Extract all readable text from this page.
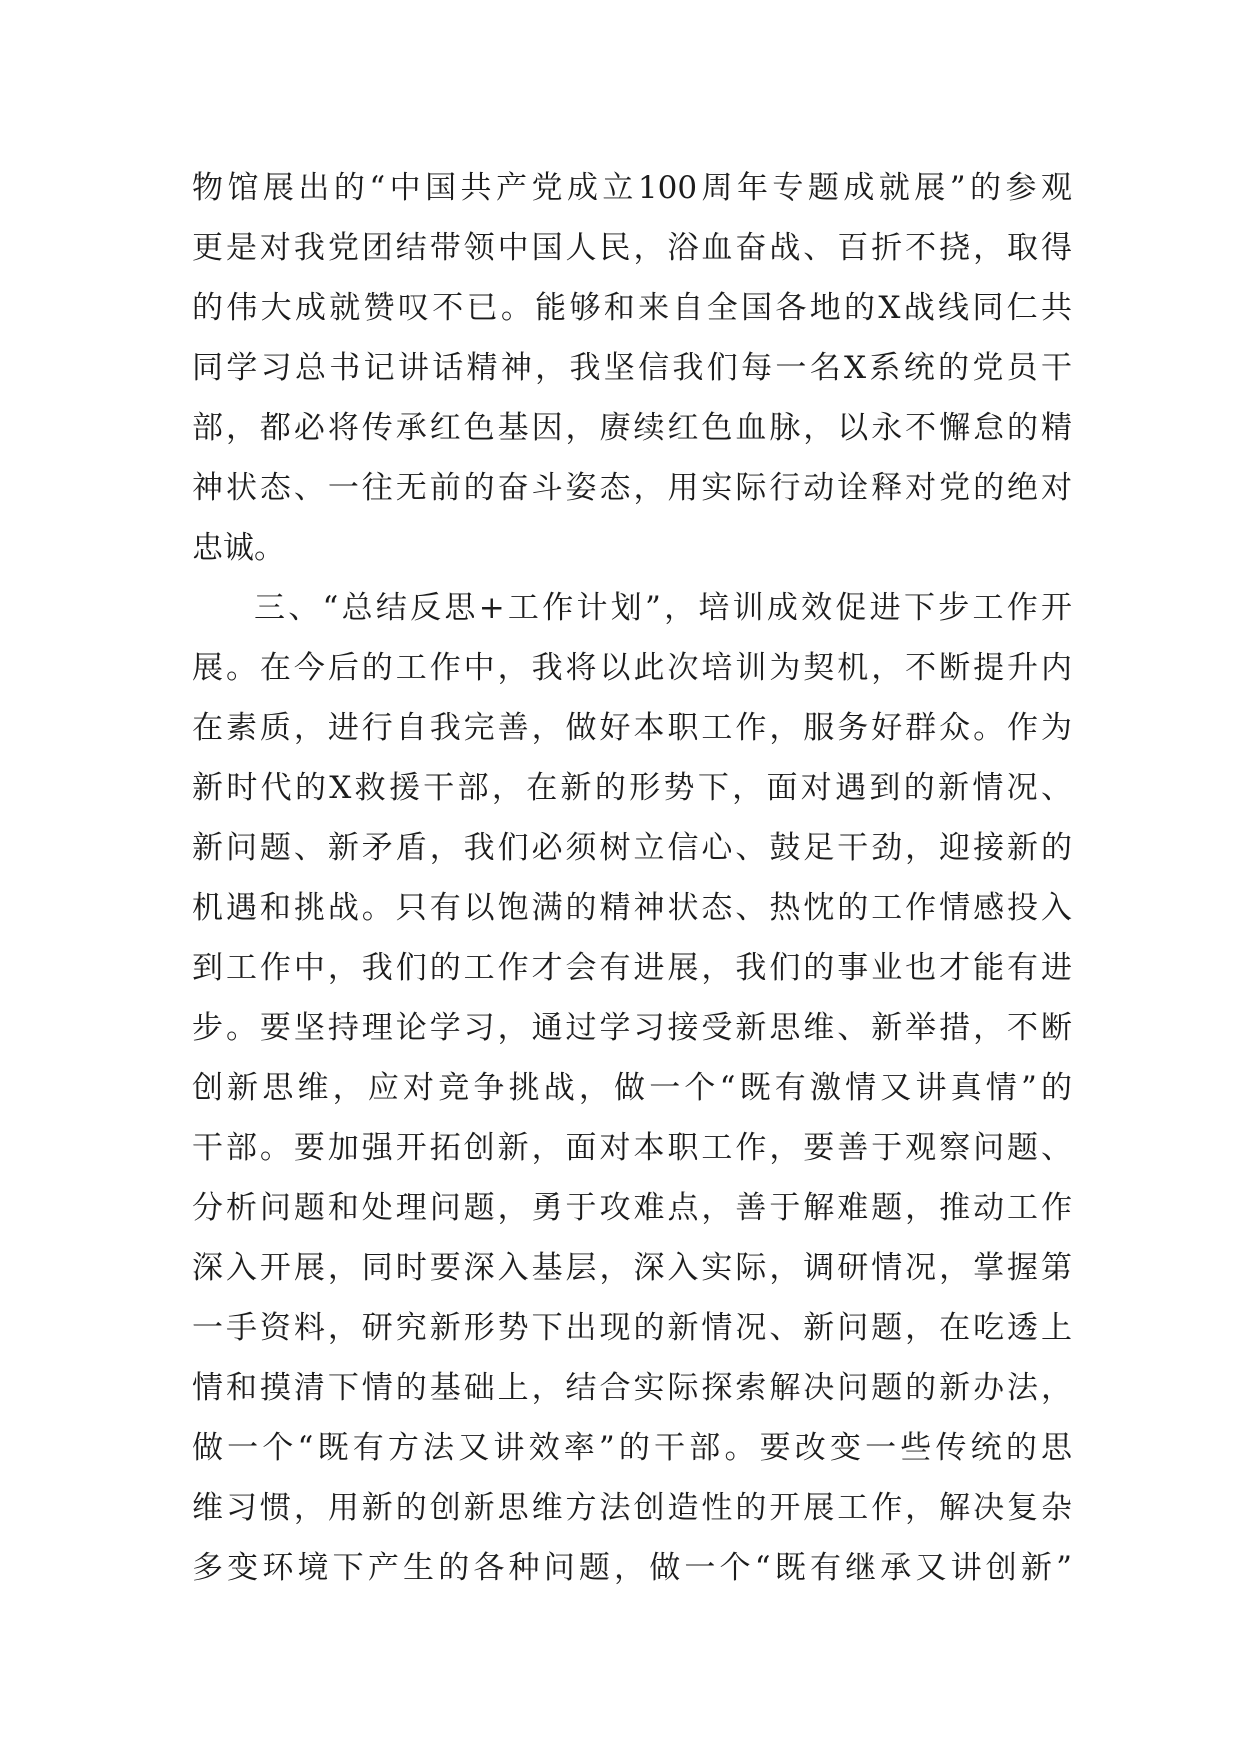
物馆展出的“中国共产党成立100周年专题成就展”的参观
更是对我党团结带领中国人民，浴血奋战、百折不挠，取得
的伟大成就赞叹不已。能够和来自全国各地的X战线同仁共
同学习总书记讲话精神，我坚信我们每一名X系统的党员干
部，都必将传承红色基因，赓续红色血脉，以永不懈怠的精
神状态、一往无前的奋斗姿态，用实际行动诠释对党的绝对
忠诚。
三、“总结反思+工作计划”，培训成效促进下步工作开
展。在今后的工作中，我将以此次培训为契机，不断提升内
在素质，进行自我完善，做好本职工作，服务好群众。作为
新时代的X救援干部，在新的形势下，面对遇到的新情况、
新问题、新矛盾，我们必须树立信心、鼓足干劲，迎接新的
机遇和挑战。只有以饱满的精神状态、热忱的工作情感投入
到工作中，我们的工作才会有进展，我们的事业也才能有进
步。要坚持理论学习，通过学习接受新思维、新举措，不断
创新思维，应对竞争挑战，做一个“既有激情又讲真情”的
干部。要加强开拓创新，面对本职工作，要善于观察问题、
分析问题和处理问题，勇于攻难点，善于解难题，推动工作
深入开展，同时要深入基层，深入实际，调研情况，掌握第
一手资料，研究新形势下出现的新情况、新问题，在吃透上
情和摸清下情的基础上，结合实际探索解决问题的新办法，
做一个“既有方法又讲效率”的干部。要改变一些传统的思
维习惯，用新的创新思维方法创造性的开展工作，解决复杂
多变环境下产生的各种问题，做一个“既有继承又讲创新”
